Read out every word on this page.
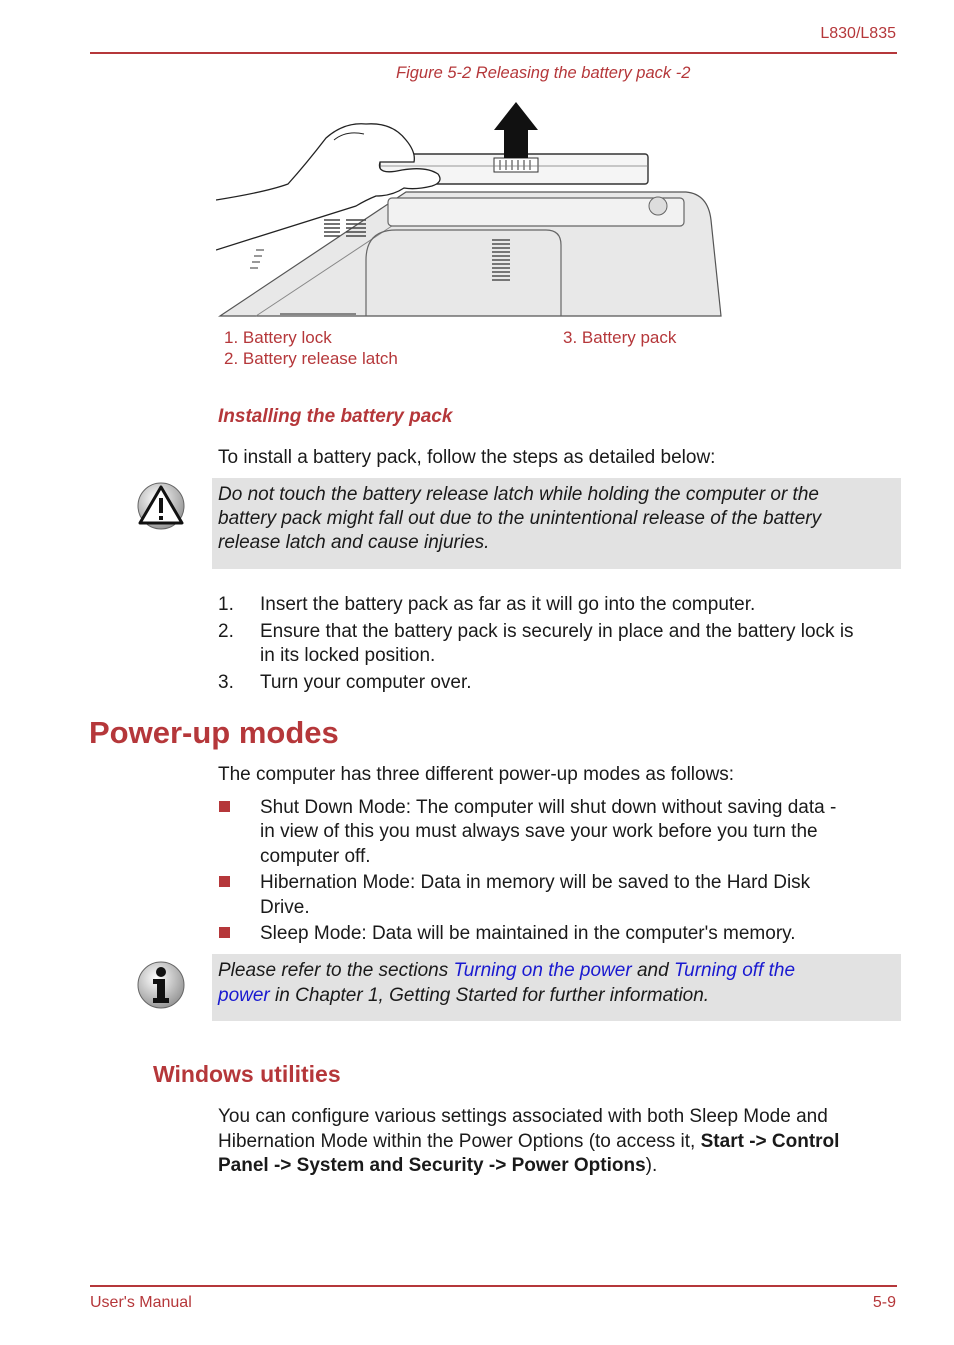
L830/L835
Figure 5-2 Releasing the battery pack -2
1. Battery lock
2. Battery release latch
3. Battery pack
Installing the battery pack
To install a battery pack, follow the steps as detailed below:
Do not touch the battery release latch while holding the computer or the
battery pack might fall out due to the unintentional release of the battery
release latch and cause injuries.
1. Insert the battery pack as far as it will go into the computer.
2. Ensure that the battery pack is securely in place and the battery lock is
in its locked position.
3. Turn your computer over.
Power-up modes
The computer has three different power-up modes as follows:
Shut Down Mode: The computer will shut down without saving data -
in view of this you must always save your work before you turn the
computer off.
Hibernation Mode: Data in memory will be saved to the Hard Disk
Drive.
Sleep Mode: Data will be maintained in the computer's memory.
Please refer to the sections Turning on the power and Turning off the
power in Chapter 1, Getting Started for further information.
Windows utilities
You can configure various settings associated with both Sleep Mode and
Hibernation Mode within the Power Options (to access it, Start -> Control
Panel -> System and Security -> Power Options).
User's Manual	5-9
